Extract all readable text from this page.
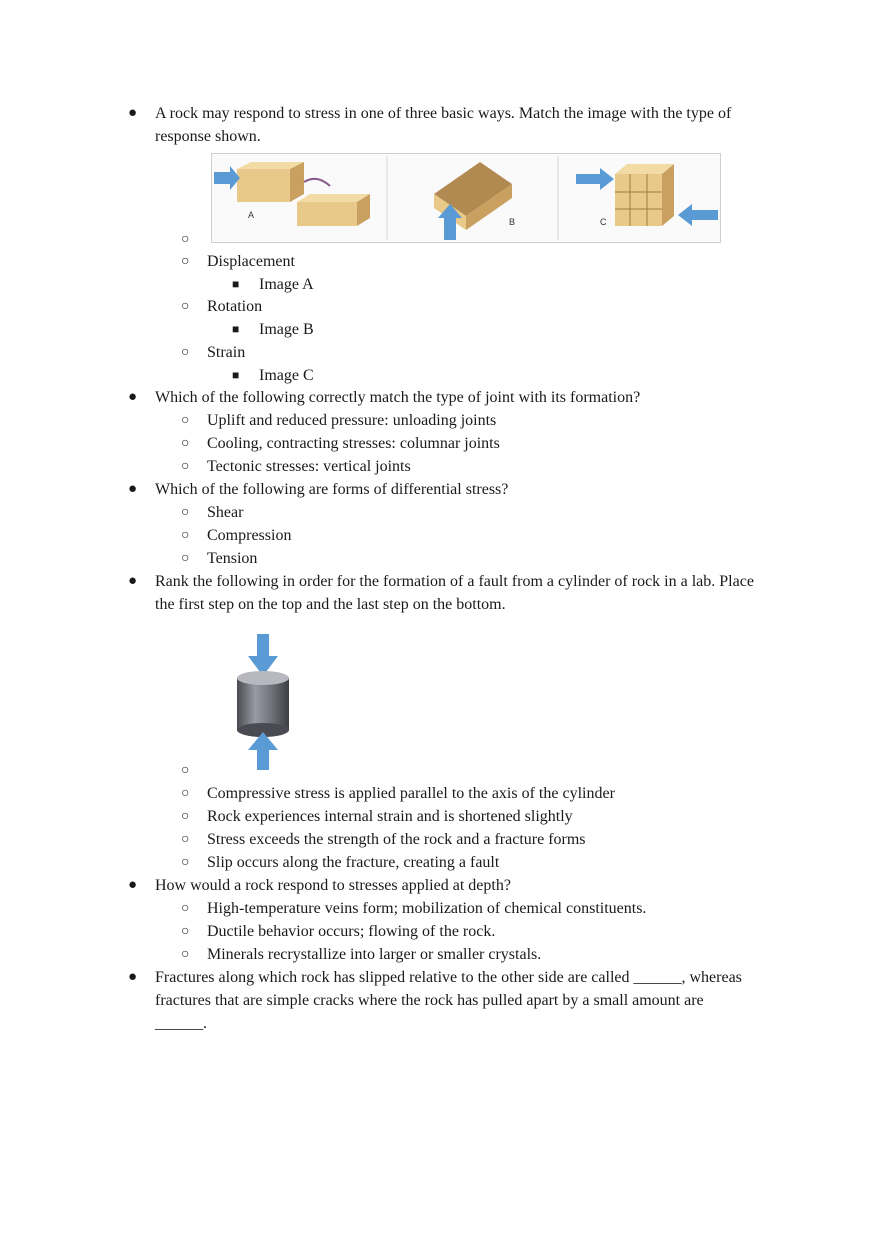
● A rock may respond to stress in one of three basic ways. Match the image with the type of response shown.
○
A
B	C
○ Displacement
■ Image A
○ Rotation
■ Image B
○ Strain
■ Image C
● Which of the following correctly match the type of joint with its formation?
○ Uplift and reduced pressure: unloading joints
○ Cooling, contracting stresses: columnar joints
○ Tectonic stresses: vertical joints
● Which of the following are forms of differential stress?
○ Shear
○ Compression
○ Tension
● Rank the following in order for the formation of a fault from a cylinder of rock in a lab. Place the first step on the top and the last step on the bottom.
○
○ Compressive stress is applied parallel to the axis of the cylinder
○ Rock experiences internal strain and is shortened slightly
○ Stress exceeds the strength of the rock and a fracture forms
○ Slip occurs along the fracture, creating a fault
● How would a rock respond to stresses applied at depth?
○ High-temperature veins form; mobilization of chemical constituents.
○ Ductile behavior occurs; flowing of the rock.
○ Minerals recrystallize into larger or smaller crystals.
● Fractures along which rock has slipped relative to the other side are called ______, whereas fractures that are simple cracks where the rock has pulled apart by a small amount are ______.
